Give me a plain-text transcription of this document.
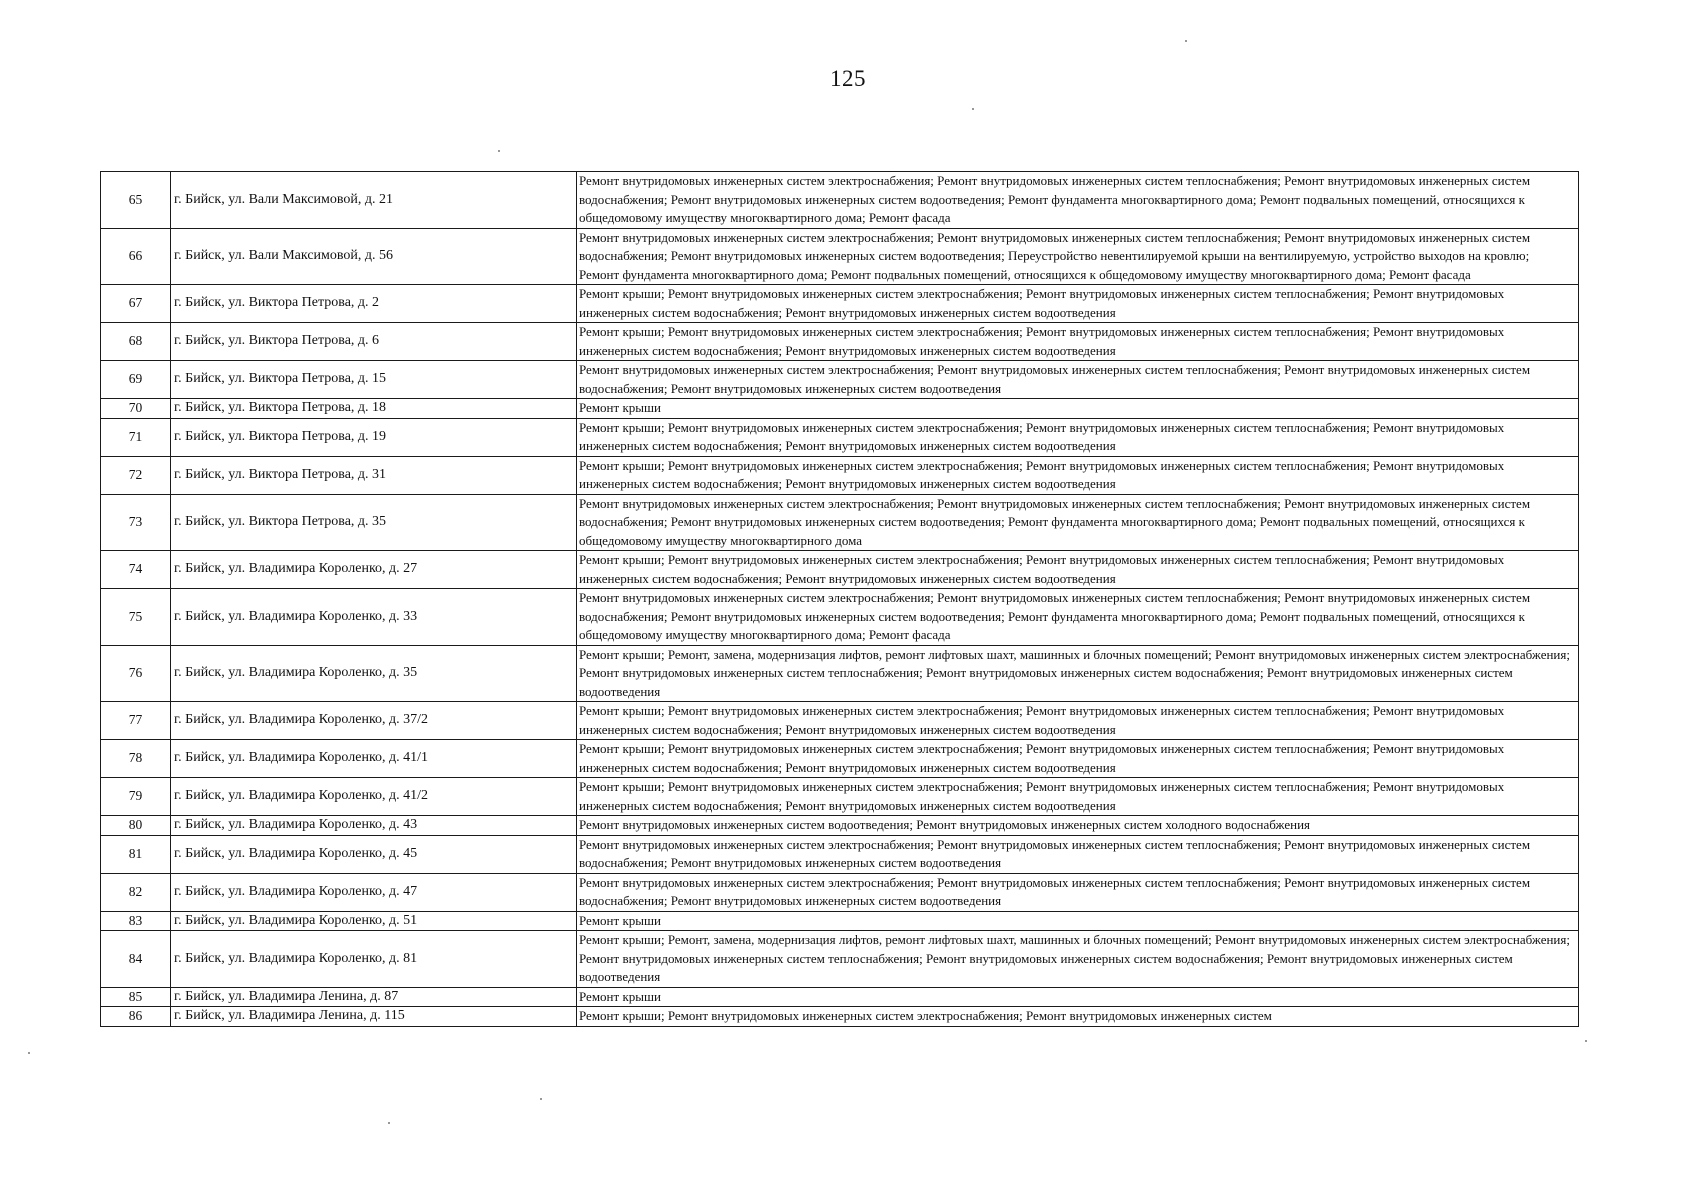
125
65	г. Бийск, ул. Вали Максимовой, д. 21	Ремонт внутридомовых инженерных систем электроснабжения; Ремонт внутридомовых инженерных систем теплоснабжения; Ремонт внутридомовых инженерных систем водоснабжения; Ремонт внутридомовых инженерных систем водоотведения; Ремонт фундамента многоквартирного дома; Ремонт подвальных помещений, относящихся к общедомовому имуществу многоквартирного дома; Ремонт фасада
66	г. Бийск, ул. Вали Максимовой, д. 56	Ремонт внутридомовых инженерных систем электроснабжения; Ремонт внутридомовых инженерных систем теплоснабжения; Ремонт внутридомовых инженерных систем водоснабжения; Ремонт внутридомовых инженерных систем водоотведения; Переустройство невентилируемой крыши на вентилируемую, устройство выходов на кровлю; Ремонт фундамента многоквартирного дома; Ремонт подвальных помещений, относящихся к общедомовому имуществу многоквартирного дома; Ремонт фасада
67	г. Бийск, ул. Виктора Петрова, д. 2	Ремонт крыши; Ремонт внутридомовых инженерных систем электроснабжения; Ремонт внутридомовых инженерных систем теплоснабжения; Ремонт внутридомовых инженерных систем водоснабжения; Ремонт внутридомовых инженерных систем водоотведения
68	г. Бийск, ул. Виктора Петрова, д. 6	Ремонт крыши; Ремонт внутридомовых инженерных систем электроснабжения; Ремонт внутридомовых инженерных систем теплоснабжения; Ремонт внутридомовых инженерных систем водоснабжения; Ремонт внутридомовых инженерных систем водоотведения
69	г. Бийск, ул. Виктора Петрова, д. 15	Ремонт внутридомовых инженерных систем электроснабжения; Ремонт внутридомовых инженерных систем теплоснабжения; Ремонт внутридомовых инженерных систем водоснабжения; Ремонт внутридомовых инженерных систем водоотведения
70	г. Бийск, ул. Виктора Петрова, д. 18	Ремонт крыши
71	г. Бийск, ул. Виктора Петрова, д. 19	Ремонт крыши; Ремонт внутридомовых инженерных систем электроснабжения; Ремонт внутридомовых инженерных систем теплоснабжения; Ремонт внутридомовых инженерных систем водоснабжения; Ремонт внутридомовых инженерных систем водоотведения
72	г. Бийск, ул. Виктора Петрова, д. 31	Ремонт крыши; Ремонт внутридомовых инженерных систем электроснабжения; Ремонт внутридомовых инженерных систем теплоснабжения; Ремонт внутридомовых инженерных систем водоснабжения; Ремонт внутридомовых инженерных систем водоотведения
73	г. Бийск, ул. Виктора Петрова, д. 35	Ремонт внутридомовых инженерных систем электроснабжения; Ремонт внутридомовых инженерных систем теплоснабжения; Ремонт внутридомовых инженерных систем водоснабжения; Ремонт внутридомовых инженерных систем водоотведения; Ремонт фундамента многоквартирного дома; Ремонт подвальных помещений, относящихся к общедомовому имуществу многоквартирного дома
74	г. Бийск, ул. Владимира Короленко, д. 27	Ремонт крыши; Ремонт внутридомовых инженерных систем электроснабжения; Ремонт внутридомовых инженерных систем теплоснабжения; Ремонт внутридомовых инженерных систем водоснабжения; Ремонт внутридомовых инженерных систем водоотведения
75	г. Бийск, ул. Владимира Короленко, д. 33	Ремонт внутридомовых инженерных систем электроснабжения; Ремонт внутридомовых инженерных систем теплоснабжения; Ремонт внутридомовых инженерных систем водоснабжения; Ремонт внутридомовых инженерных систем водоотведения; Ремонт фундамента многоквартирного дома; Ремонт подвальных помещений, относящихся к общедомовому имуществу многоквартирного дома; Ремонт фасада
76	г. Бийск, ул. Владимира Короленко, д. 35	Ремонт крыши; Ремонт, замена, модернизация лифтов, ремонт лифтовых шахт, машинных и блочных помещений; Ремонт внутридомовых инженерных систем электроснабжения; Ремонт внутридомовых инженерных систем теплоснабжения; Ремонт внутридомовых инженерных систем водоснабжения; Ремонт внутридомовых инженерных систем водоотведения
77	г. Бийск, ул. Владимира Короленко, д. 37/2	Ремонт крыши; Ремонт внутридомовых инженерных систем электроснабжения; Ремонт внутридомовых инженерных систем теплоснабжения; Ремонт внутридомовых инженерных систем водоснабжения; Ремонт внутридомовых инженерных систем водоотведения
78	г. Бийск, ул. Владимира Короленко, д. 41/1	Ремонт крыши; Ремонт внутридомовых инженерных систем электроснабжения; Ремонт внутридомовых инженерных систем теплоснабжения; Ремонт внутридомовых инженерных систем водоснабжения; Ремонт внутридомовых инженерных систем водоотведения
79	г. Бийск, ул. Владимира Короленко, д. 41/2	Ремонт крыши; Ремонт внутридомовых инженерных систем электроснабжения; Ремонт внутридомовых инженерных систем теплоснабжения; Ремонт внутридомовых инженерных систем водоснабжения; Ремонт внутридомовых инженерных систем водоотведения
80	г. Бийск, ул. Владимира Короленко, д. 43	Ремонт внутридомовых инженерных систем водоотведения; Ремонт внутридомовых инженерных систем холодного водоснабжения
81	г. Бийск, ул. Владимира Короленко, д. 45	Ремонт внутридомовых инженерных систем электроснабжения; Ремонт внутридомовых инженерных систем теплоснабжения; Ремонт внутридомовых инженерных систем водоснабжения; Ремонт внутридомовых инженерных систем водоотведения
82	г. Бийск, ул. Владимира Короленко, д. 47	Ремонт внутридомовых инженерных систем электроснабжения; Ремонт внутридомовых инженерных систем теплоснабжения; Ремонт внутридомовых инженерных систем водоснабжения; Ремонт внутридомовых инженерных систем водоотведения
83	г. Бийск, ул. Владимира Короленко, д. 51	Ремонт крыши
84	г. Бийск, ул. Владимира Короленко, д. 81	Ремонт крыши; Ремонт, замена, модернизация лифтов, ремонт лифтовых шахт, машинных и блочных помещений; Ремонт внутридомовых инженерных систем электроснабжения; Ремонт внутридомовых инженерных систем теплоснабжения; Ремонт внутридомовых инженерных систем водоснабжения; Ремонт внутридомовых инженерных систем водоотведения
85	г. Бийск, ул. Владимира Ленина, д. 87	Ремонт крыши
86	г. Бийск, ул. Владимира Ленина, д. 115	Ремонт крыши; Ремонт внутридомовых инженерных систем электроснабжения; Ремонт внутридомовых инженерных систем
